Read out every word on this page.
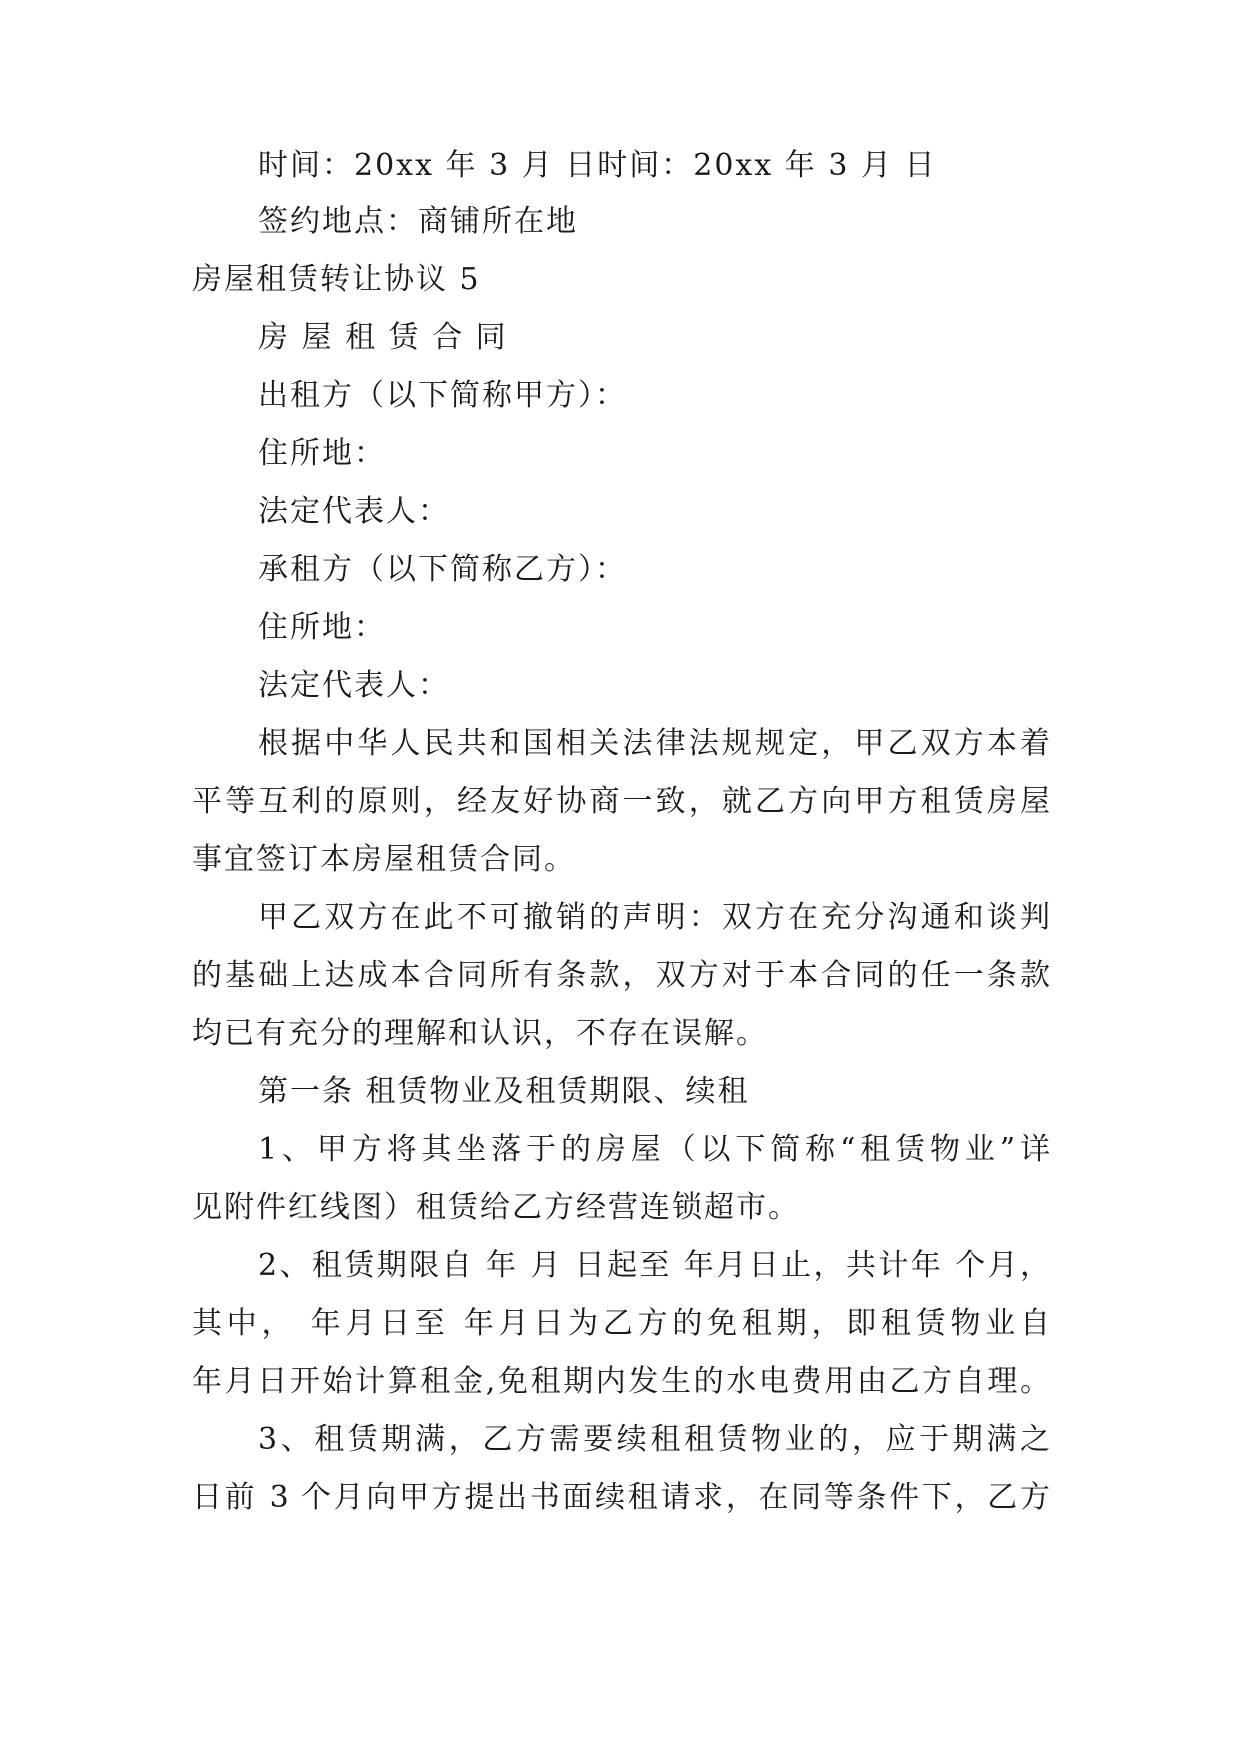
时间：20xx 年 3 月 日时间：20xx 年 3 月 日

签约地点：商铺所在地

房屋租赁转让协议 5

房 屋 租 赁 合 同

出租方（以下简称甲方）：

住所地：

法定代表人：

承租方（以下简称乙方）：

住所地：

法定代表人：

根据中华人民共和国相关法律法规规定，甲乙双方本着

平等互利的原则，经友好协商一致，就乙方向甲方租赁房屋

事宜签订本房屋租赁合同。

甲乙双方在此不可撤销的声明：双方在充分沟通和谈判

的基础上达成本合同所有条款，双方对于本合同的任一条款

均已有充分的理解和认识，不存在误解。

第一条 租赁物业及租赁期限、续租

1、甲方将其坐落于的房屋（以下简称“租赁物业”详

见附件红线图）租赁给乙方经营连锁超市。

2、租赁期限自 年 月 日起至 年月日止，共计年 个月，

其中， 年月日至 年月日为乙方的免租期，即租赁物业自

年月日开始计算租金,免租期内发生的水电费用由乙方自理。

3、租赁期满，乙方需要续租租赁物业的，应于期满之

日前 3 个月向甲方提出书面续租请求，在同等条件下，乙方
